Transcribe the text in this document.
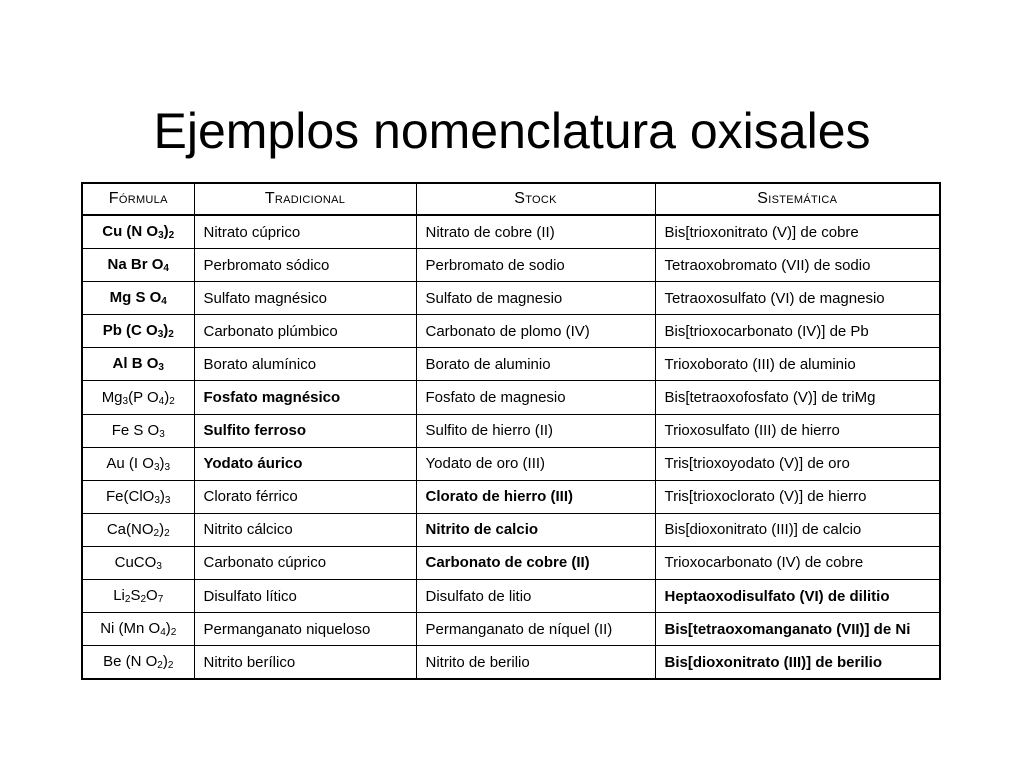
Ejemplos nomenclatura oxisales
Fórmula	Tradicional	Stock	Sistemática
Cu (N $O_3)_2$	Nitrato cúprico	Nitrato de cobre (II)	Bis[trioxonitrato (V)] de cobre
Na Br $O_4$	Perbromato sódico	Perbromato de sodio	Tetraoxobromato (VII) de sodio
Mg S $O_4$	Sulfato magnésico	Sulfato de magnesio	Tetraoxosulfato (VI) de magnesio
Pb (C $O_3)_2$	Carbonato plúmbico	Carbonato de plomo (IV)	Bis[trioxocarbonato (IV)] de Pb
Al B $O_3$	Borato alumínico	Borato de aluminio	Trioxoborato (III) de aluminio
$Mg_3(P$ $O_4)_2$	Fosfato magnésico	Fosfato de magnesio	Bis[tetraoxofosfato (V)] de triMg
Fe S $O_3$	Sulfito ferroso	Sulfito de hierro (II)	Trioxosulfato (III) de hierro
Au (I $O_3)_3$	Yodato áurico	Yodato de oro (III)	Tris[trioxoyodato (V)] de oro
$Fe(ClO_3)_3$	Clorato férrico	Clorato de hierro (III)	Tris[trioxoclorato (V)] de hierro
$Ca(NO_2)_2$	Nitrito cálcico	Nitrito de calcio	Bis[dioxonitrato (III)] de calcio
CuCO$_3$	Carbonato cúprico	Carbonato de cobre (II)	Trioxocarbonato (IV) de cobre
$Li_2S_2O_7$	Disulfato lítico	Disulfato de litio	Heptaoxodisulfato (VI) de dilitio
Ni (Mn $O_4)_2$	Permanganato niqueloso	Permanganato de níquel (II)	Bis[tetraoxomanganato (VII)] de Ni
Be (N $O_2)_2$	Nitrito berílico	Nitrito de berilio	Bis[dioxonitrato (III)] de berilio
